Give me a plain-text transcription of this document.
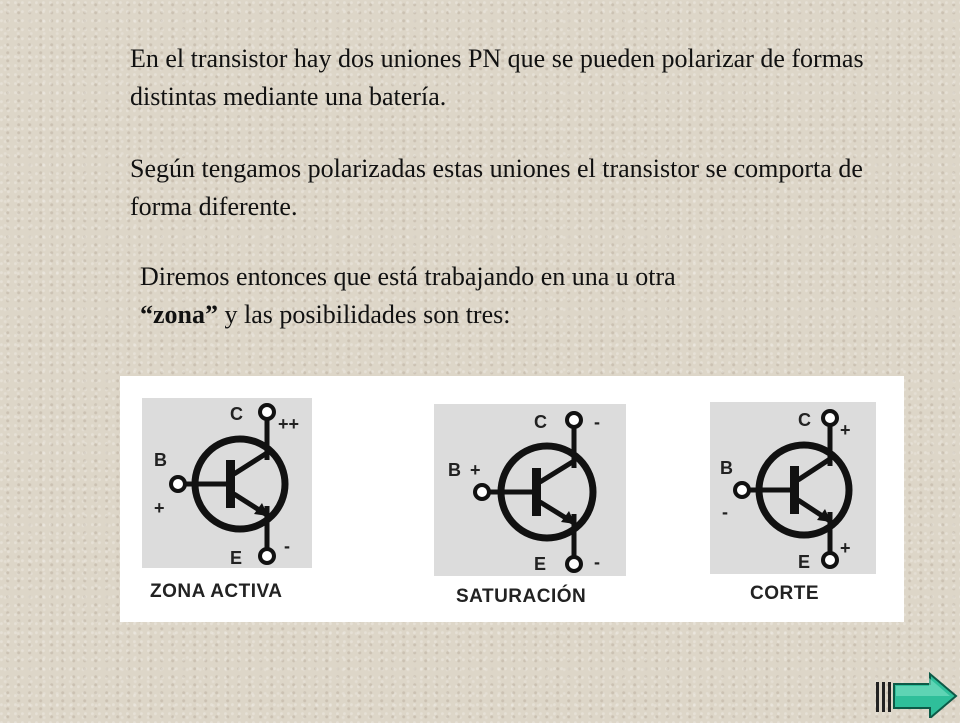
En el transistor hay dos uniones PN que se pueden polarizar de formas distintas mediante una batería.

Según tengamos polarizadas estas uniones el transistor se comporta de forma diferente.

Diremos entonces que está trabajando en una u otra
“zona” y las posibilidades son tres:

C
B
E
++
+
-
ZONA ACTIVA
C
B
E
-
+
-
SATURACIÓN
C
B
E
+
-
+
CORTE
